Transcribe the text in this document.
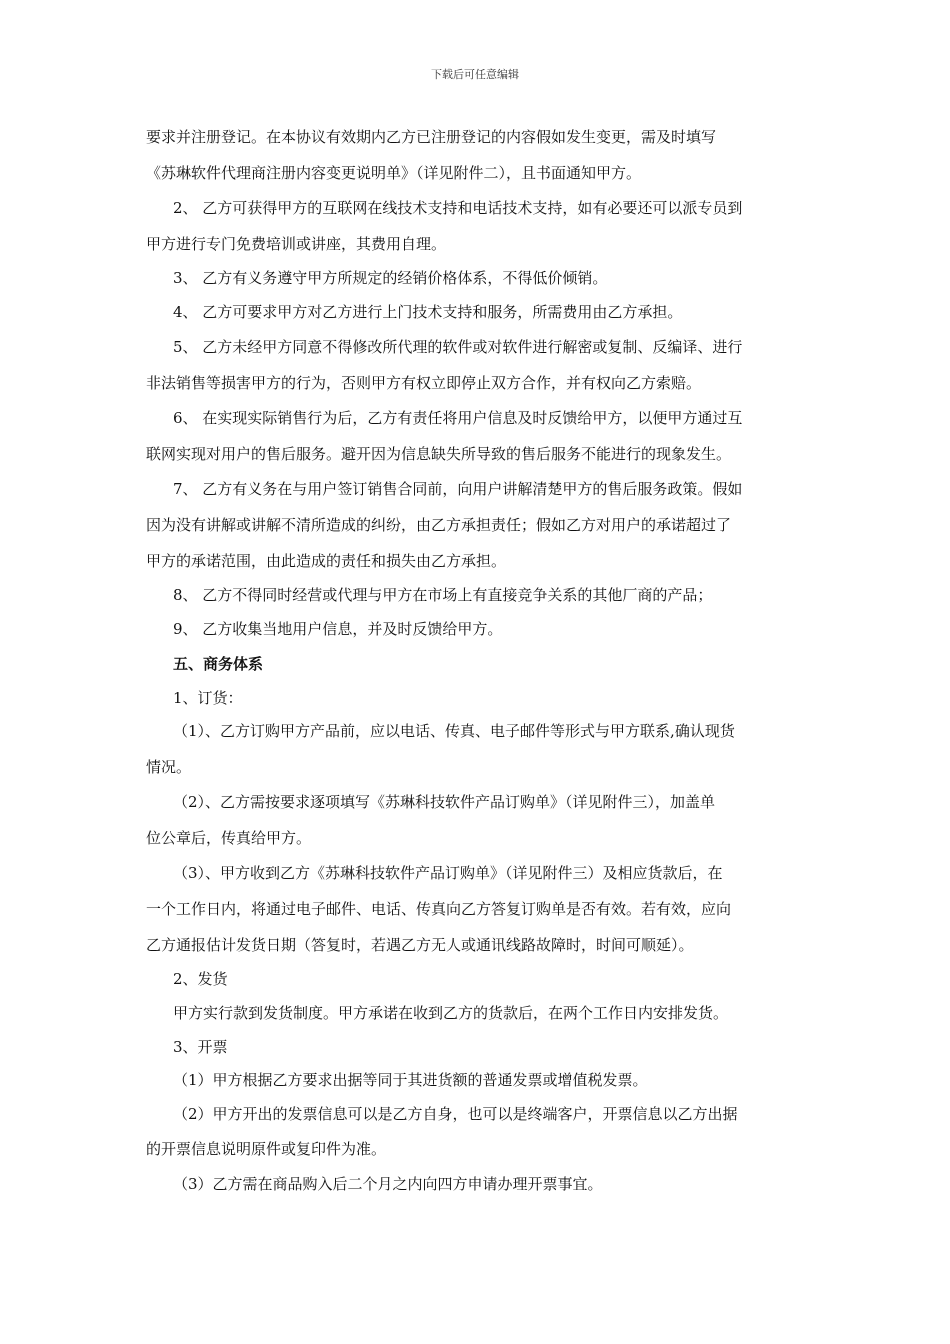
下载后可任意编辑
要求并注册登记。在本协议有效期内乙方已注册登记的内容假如发生变更，需及时填写
《苏琳软件代理商注册内容变更说明单》（详见附件二），且书面通知甲方。
2、 乙方可获得甲方的互联网在线技术支持和电话技术支持，如有必要还可以派专员到
甲方进行专门免费培训或讲座，其费用自理。
3、 乙方有义务遵守甲方所规定的经销价格体系，不得低价倾销。
4、 乙方可要求甲方对乙方进行上门技术支持和服务，所需费用由乙方承担。
5、 乙方未经甲方同意不得修改所代理的软件或对软件进行解密或复制、反编译、进行
非法销售等损害甲方的行为，否则甲方有权立即停止双方合作，并有权向乙方索赔。
6、 在实现实际销售行为后，乙方有责任将用户信息及时反馈给甲方，以便甲方通过互
联网实现对用户的售后服务。避开因为信息缺失所导致的售后服务不能进行的现象发生。
7、 乙方有义务在与用户签订销售合同前，向用户讲解清楚甲方的售后服务政策。假如
因为没有讲解或讲解不清所造成的纠纷，由乙方承担责任；假如乙方对用户的承诺超过了
甲方的承诺范围，由此造成的责任和损失由乙方承担。
8、 乙方不得同时经营或代理与甲方在市场上有直接竞争关系的其他厂商的产品；
9、 乙方收集当地用户信息，并及时反馈给甲方。
五、商务体系
1、订货：
（1）、乙方订购甲方产品前，应以电话、传真、电子邮件等形式与甲方联系,确认现货
情况。
（2）、乙方需按要求逐项填写《苏琳科技软件产品订购单》（详见附件三），加盖单
位公章后，传真给甲方。
（3）、甲方收到乙方《苏琳科技软件产品订购单》（详见附件三）及相应货款后，在
一个工作日内，将通过电子邮件、电话、传真向乙方答复订购单是否有效。若有效，应向
乙方通报估计发货日期（答复时，若遇乙方无人或通讯线路故障时，时间可顺延）。
2、发货
甲方实行款到发货制度。甲方承诺在收到乙方的货款后，在两个工作日内安排发货。
3、开票
（1）甲方根据乙方要求出据等同于其进货额的普通发票或增值税发票。
（2）甲方开出的发票信息可以是乙方自身，也可以是终端客户，开票信息以乙方出据
的开票信息说明原件或复印件为准。
（3）乙方需在商品购入后二个月之内向四方申请办理开票事宜。
